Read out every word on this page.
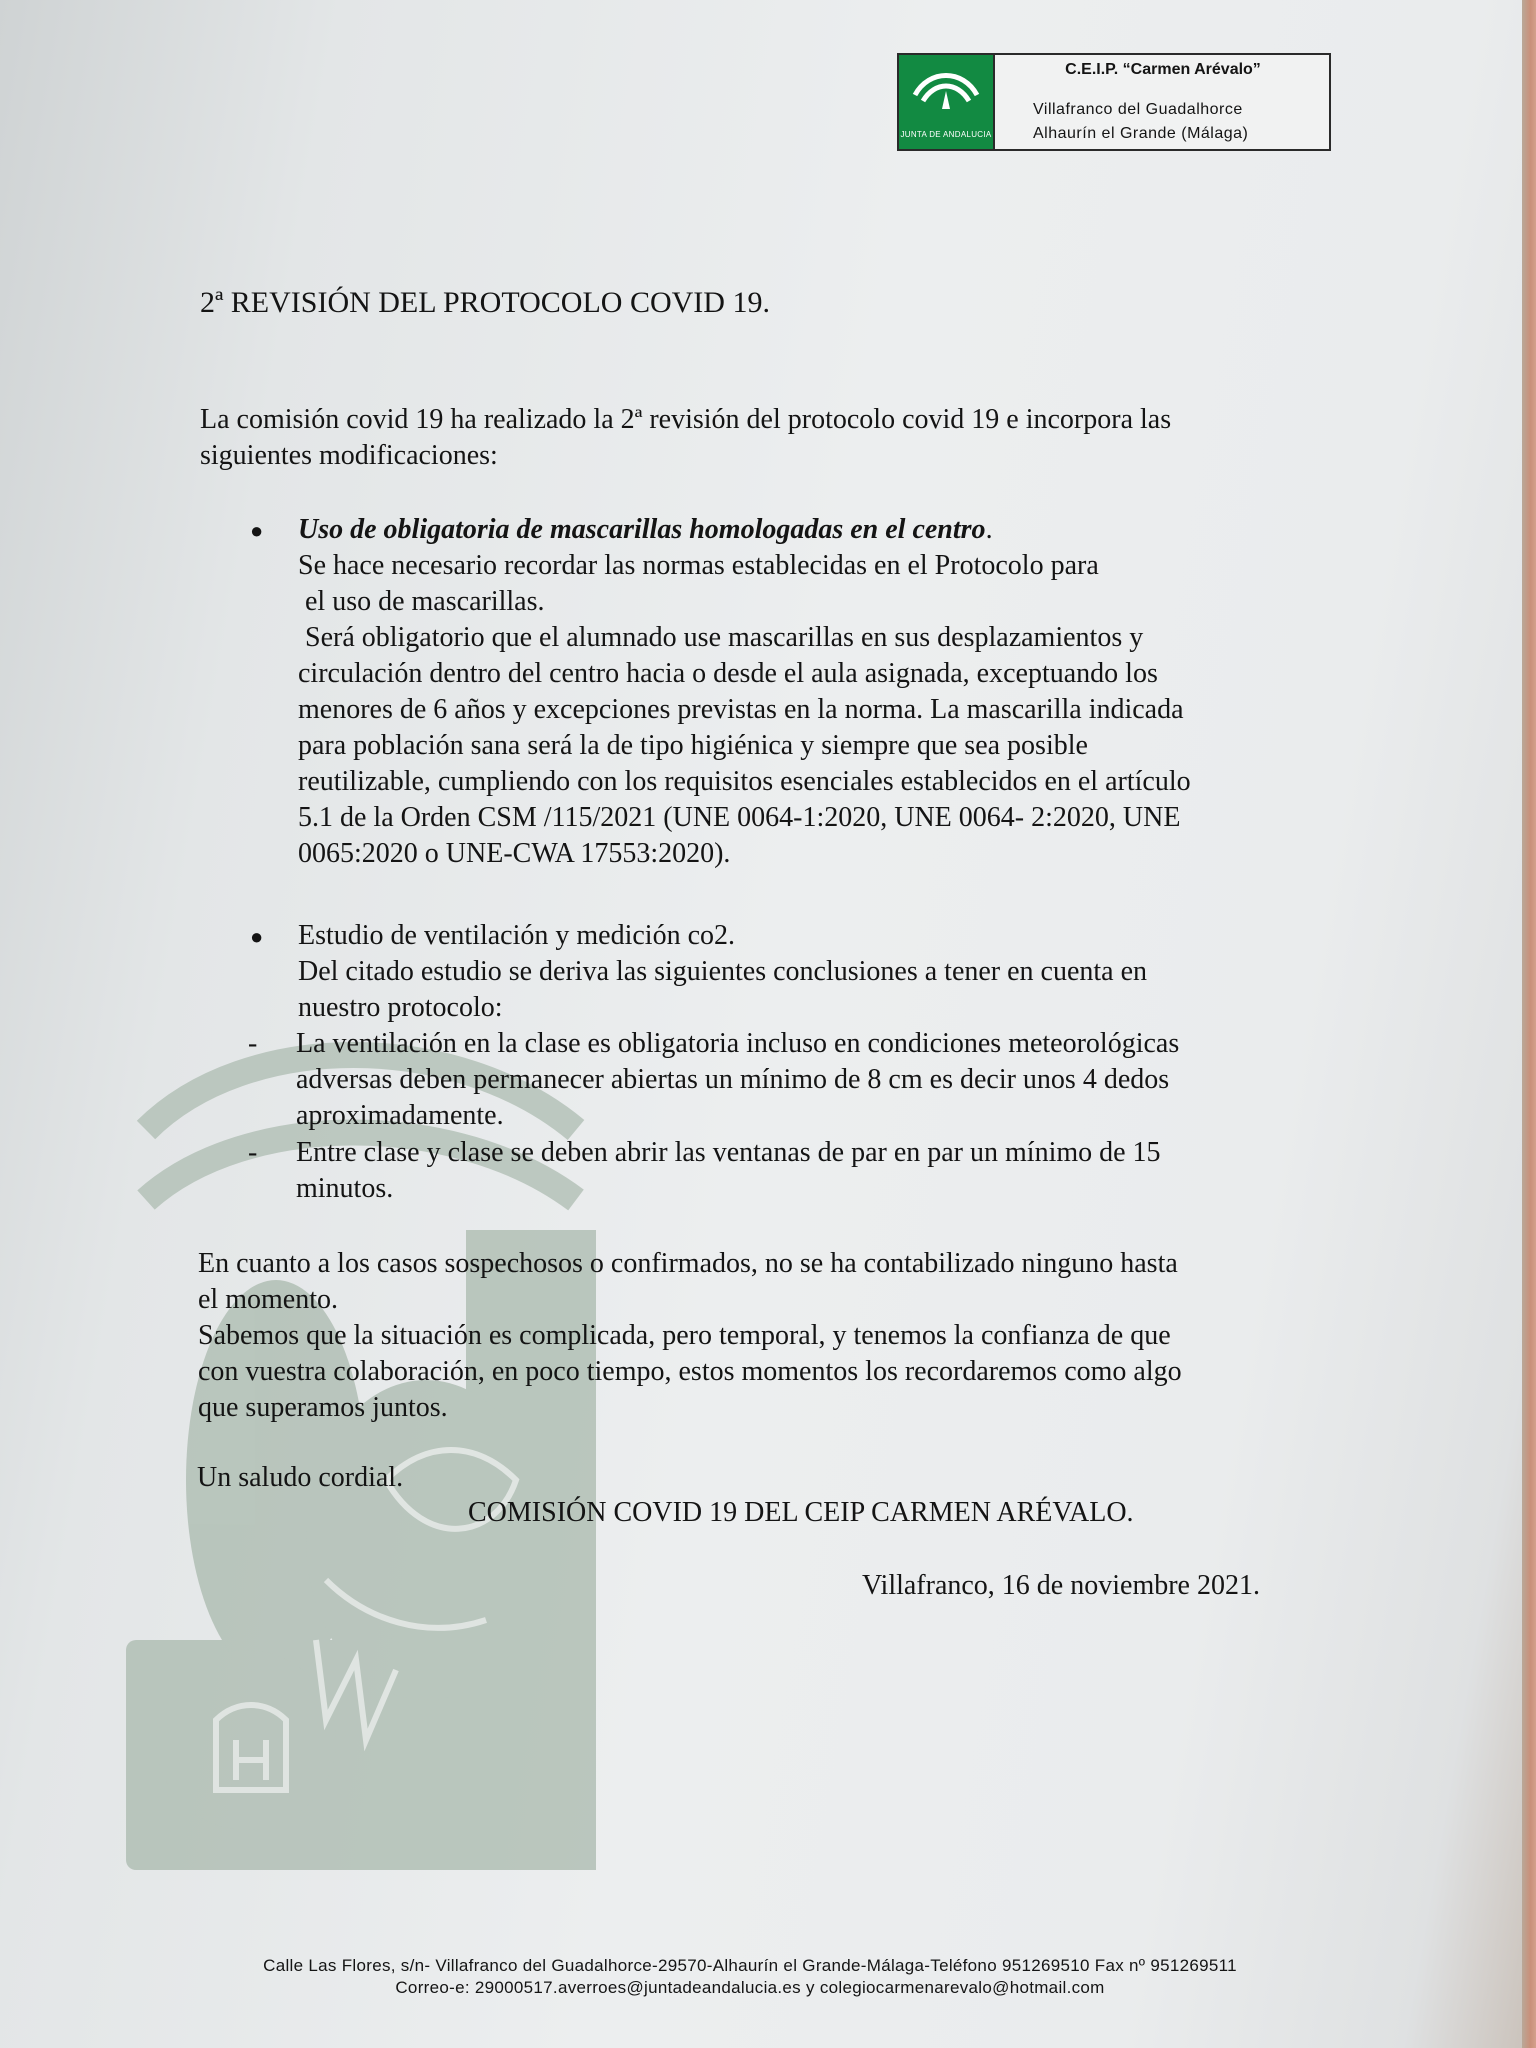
JUNTA DE ANDALUCIA
C.E.I.P. “Carmen Arévalo”
Villafranco del Guadalhorce
Alhaurín el Grande (Málaga)
2ª REVISIÓN DEL PROTOCOLO COVID 19.
La comisión covid 19 ha realizado la 2ª revisión del protocolo covid 19 e incorpora las
siguientes modificaciones:
● Uso de obligatoria de mascarillas homologadas en el centro.
Se hace necesario recordar las normas establecidas en el Protocolo para
el uso de mascarillas.
Será obligatorio que el alumnado use mascarillas en sus desplazamientos y
circulación dentro del centro hacia o desde el aula asignada, exceptuando los
menores de 6 años y excepciones previstas en la norma. La mascarilla indicada
para población sana será la de tipo higiénica y siempre que sea posible
reutilizable, cumpliendo con los requisitos esenciales establecidos en el artículo
5.1 de la Orden CSM /115/2021 (UNE 0064-1:2020, UNE 0064- 2:2020, UNE
0065:2020 o UNE-CWA 17553:2020).
● Estudio de ventilación y medición co2.
Del citado estudio se deriva las siguientes conclusiones a tener en cuenta en
nuestro protocolo:
- La ventilación en la clase es obligatoria incluso en condiciones meteorológicas
adversas deben permanecer abiertas un mínimo de 8 cm es decir unos 4 dedos
aproximadamente.
- Entre clase y clase se deben abrir las ventanas de par en par un mínimo de 15
minutos.
En cuanto a los casos sospechosos o confirmados, no se ha contabilizado ninguno hasta
el momento.
Sabemos que la situación es complicada, pero temporal, y tenemos la confianza de que
con vuestra colaboración, en poco tiempo, estos momentos los recordaremos como algo
que superamos juntos.
Un saludo cordial.
COMISIÓN COVID 19 DEL CEIP CARMEN ARÉVALO.
Villafranco, 16 de noviembre 2021.
Calle Las Flores, s/n- Villafranco del Guadalhorce-29570-Alhaurín el Grande-Málaga-Teléfono 951269510 Fax nº 951269511
Correo-e: 29000517.averroes@juntadeandalucia.es y colegiocarmenarevalo@hotmail.com
